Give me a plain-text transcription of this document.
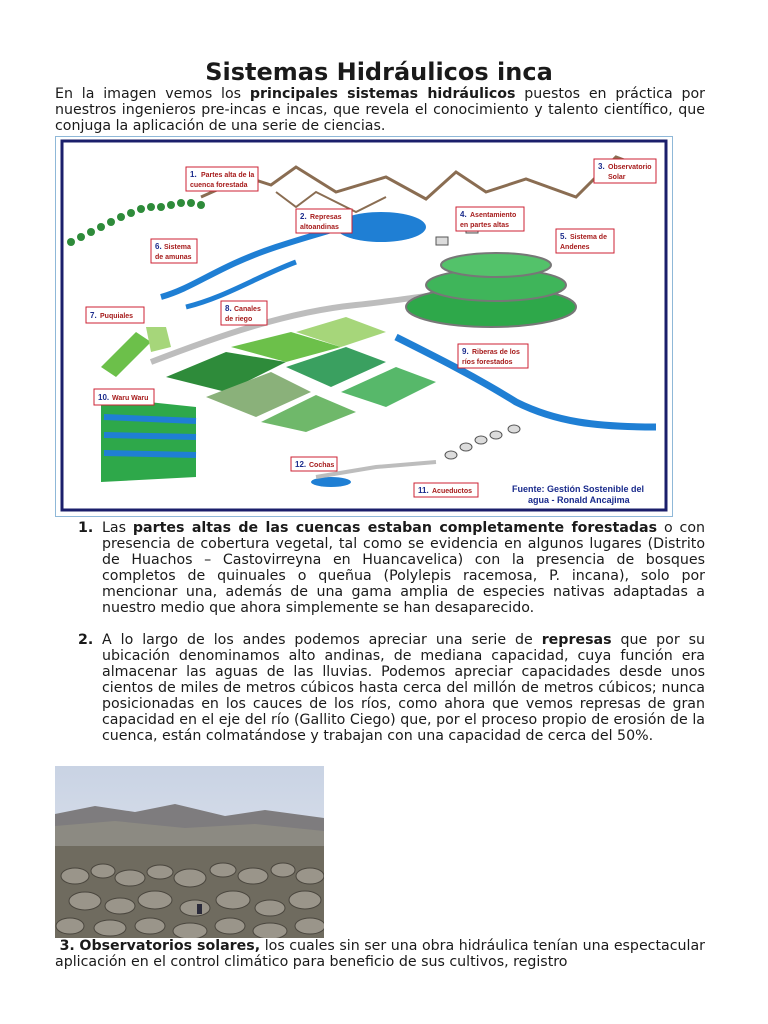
Sistemas Hidráulicos inca

En la imagen vemos los principales sistemas hidráulicos puestos en práctica por nuestros ingenieros pre-incas e incas, que revela el conocimiento y talento científico, que conjuga la aplicación de una serie de ciencias.

1. Partes alta de la
cuenca forestada
2. Represas
altoandinas
3. Observatorio
Solar
4. Asentamiento
en partes altas
5. Sistema de
Andenes
6. Sistema
de amunas
7. Puquiales
8. Canales
de riego
9. Riberas de los
ríos forestados
10. Waru Waru
12. Cochas
11. Acueductos	Fuente: Gestión Sostenible del
agua - Ronald Ancajima
1. Las partes altas de las cuencas estaban completamente forestadas o con presencia de cobertura vegetal, tal como se evidencia en algunos lugares (Distrito de Huachos – Castovirreyna en Huancavelica) con la presencia de bosques completos de quinuales o queñua (Polylepis racemosa, P. incana), solo por mencionar una, además de una gama amplia de especies nativas adaptadas a nuestro medio que ahora simplemente se han desaparecido.
2. A lo largo de los andes podemos apreciar una serie de represas que por su ubicación denominamos alto andinas, de mediana capacidad, cuya función era almacenar las aguas de las lluvias. Podemos apreciar capacidades desde unos cientos de miles de metros cúbicos hasta cerca del millón de metros cúbicos; nunca posicionadas en los cauces de los ríos, como ahora que vemos represas de gran capacidad en el eje del río (Gallito Ciego) que, por el proceso propio de erosión de la cuenca, están colmatándose y trabajan con una capacidad de cerca del 50%.

3. Observatorios solares, los cuales sin ser una obra hidráulica tenían una espectacular aplicación en el control climático para beneficio de sus cultivos, registro
